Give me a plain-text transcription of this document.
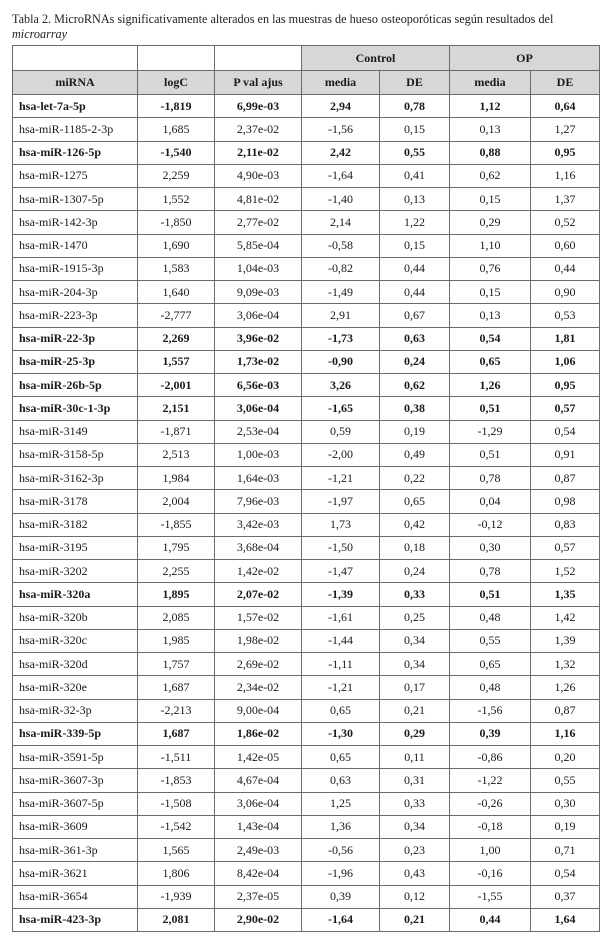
Tabla 2. MicroRNAs significativamente alterados en las muestras de hueso osteoporóticas según resultados del
microarray
			Control		OP	
miRNA	logC	P val ajus	media	DE	media	DE
hsa-let-7a-5p	-1,819	6,99e-03	2,94	0,78	1,12	0,64
hsa-miR-1185-2-3p	1,685	2,37e-02	-1,56	0,15	0,13	1,27
hsa-miR-126-5p	-1,540	2,11e-02	2,42	0,55	0,88	0,95
hsa-miR-1275	2,259	4,90e-03	-1,64	0,41	0,62	1,16
hsa-miR-1307-5p	1,552	4,81e-02	-1,40	0,13	0,15	1,37
hsa-miR-142-3p	-1,850	2,77e-02	2,14	1,22	0,29	0,52
hsa-miR-1470	1,690	5,85e-04	-0,58	0,15	1,10	0,60
hsa-miR-1915-3p	1,583	1,04e-03	-0,82	0,44	0,76	0,44
hsa-miR-204-3p	1,640	9,09e-03	-1,49	0,44	0,15	0,90
hsa-miR-223-3p	-2,777	3,06e-04	2,91	0,67	0,13	0,53
hsa-miR-22-3p	2,269	3,96e-02	-1,73	0,63	0,54	1,81
hsa-miR-25-3p	1,557	1,73e-02	-0,90	0,24	0,65	1,06
hsa-miR-26b-5p	-2,001	6,56e-03	3,26	0,62	1,26	0,95
hsa-miR-30c-1-3p	2,151	3,06e-04	-1,65	0,38	0,51	0,57
hsa-miR-3149	-1,871	2,53e-04	0,59	0,19	-1,29	0,54
hsa-miR-3158-5p	2,513	1,00e-03	-2,00	0,49	0,51	0,91
hsa-miR-3162-3p	1,984	1,64e-03	-1,21	0,22	0,78	0,87
hsa-miR-3178	2,004	7,96e-03	-1,97	0,65	0,04	0,98
hsa-miR-3182	-1,855	3,42e-03	1,73	0,42	-0,12	0,83
hsa-miR-3195	1,795	3,68e-04	-1,50	0,18	0,30	0,57
hsa-miR-3202	2,255	1,42e-02	-1,47	0,24	0,78	1,52
hsa-miR-320a	1,895	2,07e-02	-1,39	0,33	0,51	1,35
hsa-miR-320b	2,085	1,57e-02	-1,61	0,25	0,48	1,42
hsa-miR-320c	1,985	1,98e-02	-1,44	0,34	0,55	1,39
hsa-miR-320d	1,757	2,69e-02	-1,11	0,34	0,65	1,32
hsa-miR-320e	1,687	2,34e-02	-1,21	0,17	0,48	1,26
hsa-miR-32-3p	-2,213	9,00e-04	0,65	0,21	-1,56	0,87
hsa-miR-339-5p	1,687	1,86e-02	-1,30	0,29	0,39	1,16
hsa-miR-3591-5p	-1,511	1,42e-05	0,65	0,11	-0,86	0,20
hsa-miR-3607-3p	-1,853	4,67e-04	0,63	0,31	-1,22	0,55
hsa-miR-3607-5p	-1,508	3,06e-04	1,25	0,33	-0,26	0,30
hsa-miR-3609	-1,542	1,43e-04	1,36	0,34	-0,18	0,19
hsa-miR-361-3p	1,565	2,49e-03	-0,56	0,23	1,00	0,71
hsa-miR-3621	1,806	8,42e-04	-1,96	0,43	-0,16	0,54
hsa-miR-3654	-1,939	2,37e-05	0,39	0,12	-1,55	0,37
hsa-miR-423-3p	2,081	2,90e-02	-1,64	0,21	0,44	1,64
